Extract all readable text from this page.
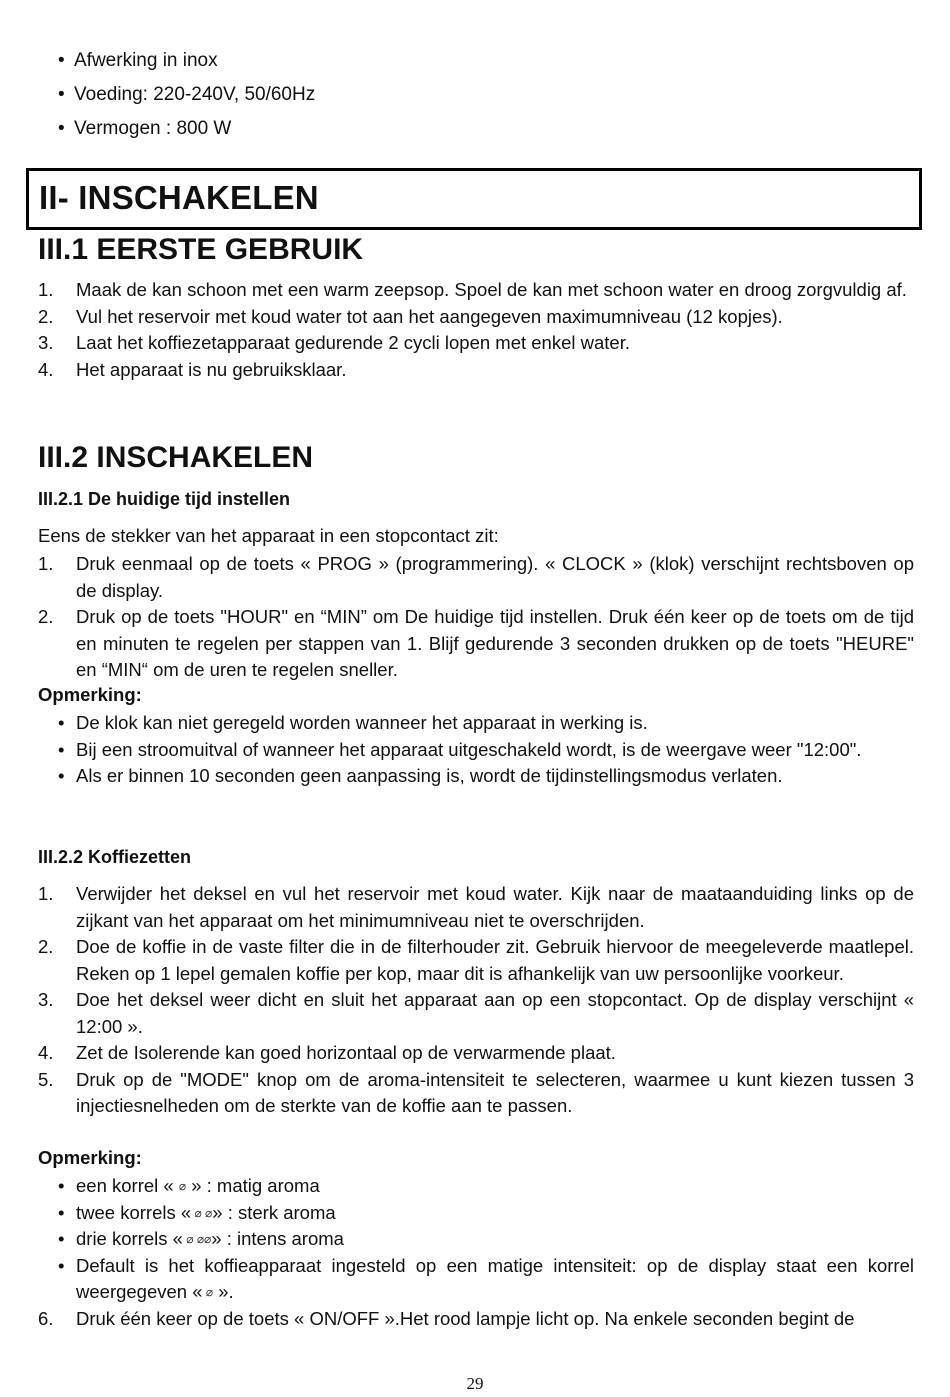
• Afwerking in inox
• Voeding: 220-240V, 50/60Hz
• Vermogen : 800 W
II- INSCHAKELEN
III.1 EERSTE GEBRUIK
1. Maak de kan schoon met een warm zeepsop. Spoel de kan met schoon water en droog zorgvuldig af.
2. Vul het reservoir met koud water tot aan het aangegeven maximumniveau (12 kopjes).
3. Laat het koffiezetapparaat gedurende 2 cycli lopen met enkel water.
4. Het apparaat is nu gebruiksklaar.
III.2 INSCHAKELEN
III.2.1 De huidige tijd instellen

Eens de stekker van het apparaat in een stopcontact zit:

1. Druk eenmaal op de toets « PROG » (programmering). « CLOCK » (klok) verschijnt rechtsboven op de display.
2. Druk op de toets "HOUR" en “MIN” om De huidige tijd instellen. Druk één keer op de toets om de tijd en minuten te regelen per stappen van 1. Blijf gedurende 3 seconden drukken op de toets "HEURE" en “MIN“ om de uren te regelen sneller.

Opmerking:

• De klok kan niet geregeld worden wanneer het apparaat in werking is.
• Bij een stroomuitval of wanneer het apparaat uitgeschakeld wordt, is de weergave weer "12:00".
• Als er binnen 10 seconden geen aanpassing is, wordt de tijdinstellingsmodus verlaten.
III.2.2 Koffiezetten
1. Verwijder het deksel en vul het reservoir met koud water. Kijk naar de maataanduiding links op de zijkant van het apparaat om het minimumniveau niet te overschrijden.
2. Doe de koffie in de vaste filter die in de filterhouder zit. Gebruik hiervoor de meegeleverde maatlepel. Reken op 1 lepel gemalen koffie per kop, maar dit is afhankelijk van uw persoonlijke voorkeur.
3. Doe het deksel weer dicht en sluit het apparaat aan op een stopcontact. Op de display verschijnt « 12:00 ».
4. Zet de Isolerende kan goed horizontaal op de verwarmende plaat.
5. Druk op de "MODE" knop om de aroma-intensiteit te selecteren, waarmee u kunt kiezen tussen 3 injectiesnelheden om de sterkte van de koffie aan te passen.

Opmerking:

• een korrel « ⌀ » : matig aroma
• twee korrels « ⌀ ⌀» : sterk aroma
• drie korrels « ⌀ ⌀⌀» : intens aroma
• Default is het koffieapparaat ingesteld op een matige intensiteit: op de display staat een korrel weergegeven « ⌀ ».
6. Druk één keer op de toets « ON/OFF ».Het rood lampje licht op. Na enkele seconden begint de
29
